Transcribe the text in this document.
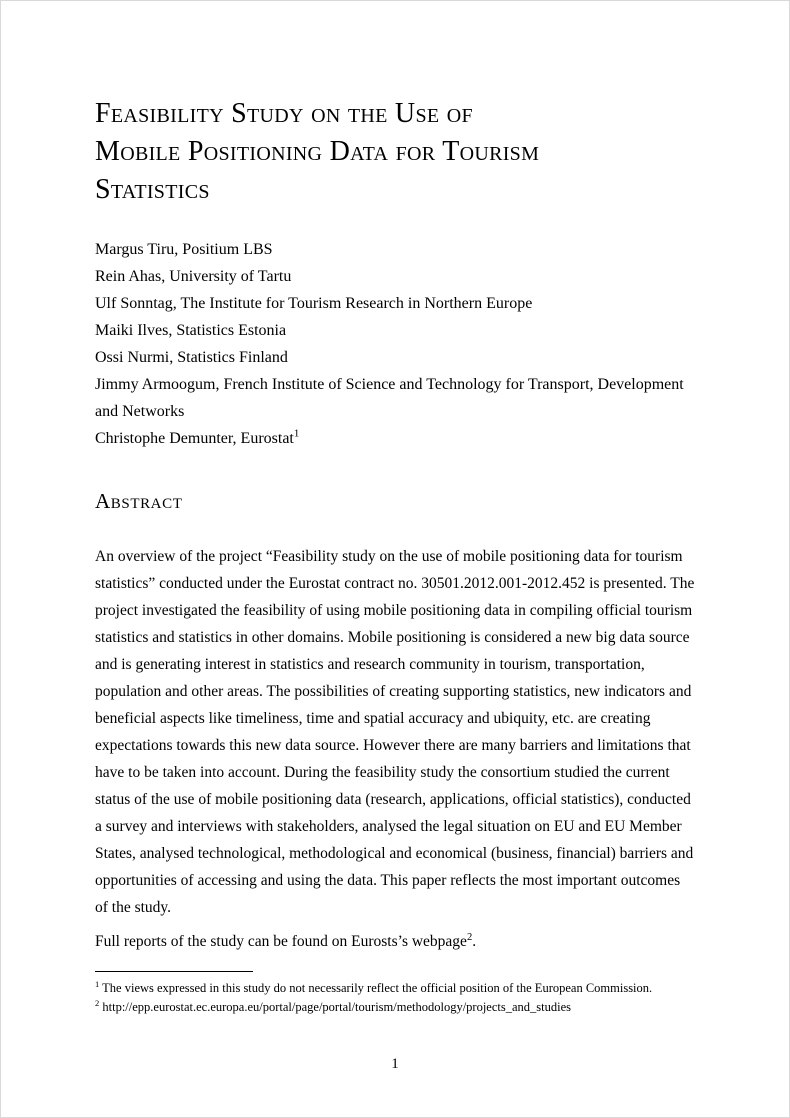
Feasibility Study on the Use of
Mobile Positioning Data for Tourism
Statistics

Margus Tiru, Positium LBS

Rein Ahas, University of Tartu

Ulf Sonntag, The Institute for Tourism Research in Northern Europe

Maiki Ilves, Statistics Estonia

Ossi Nurmi, Statistics Finland

Jimmy Armoogum, French Institute of Science and Technology for Transport, Development and Networks

Christophe Demunter, Eurostat$^1$

Abstract

An overview of the project “Feasibility study on the use of mobile positioning data for tourism statistics” conducted under the Eurostat contract no. 30501.2012.001-2012.452 is presented. The project investigated the feasibility of using mobile positioning data in compiling official tourism statistics and statistics in other domains. Mobile positioning is considered a new big data source and is generating interest in statistics and research community in tourism, transportation, population and other areas. The possibilities of creating supporting statistics, new indicators and beneficial aspects like timeliness, time and spatial accuracy and ubiquity, etc. are creating expectations towards this new data source. However there are many barriers and limitations that have to be taken into account. During the feasibility study the consortium studied the current status of the use of mobile positioning data (research, applications, official statistics), conducted a survey and interviews with stakeholders, analysed the legal situation on EU and EU Member States, analysed technological, methodological and economical (business, financial) barriers and opportunities of accessing and using the data. This paper reflects the most important outcomes of the study.

Full reports of the study can be found on Eurosts’s webpage$^2$.

$^1$ The views expressed in this study do not necessarily reflect the official position of the European Commission.
$^2$ http://epp.eurostat.ec.europa.eu/portal/page/portal/tourism/methodology/projects_and_studies
1
